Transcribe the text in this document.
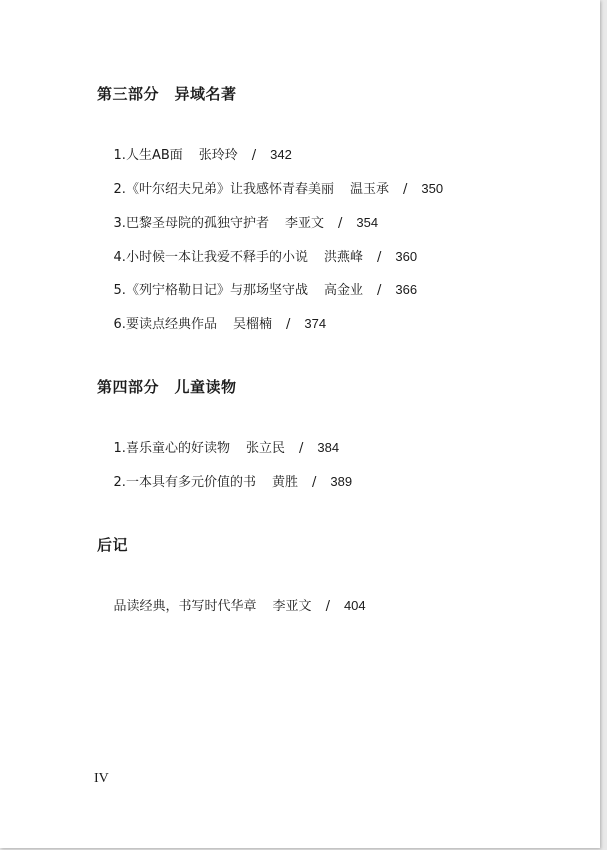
第三部分　异域名著

1.人生AB面 张玲玲 / 342

2.《叶尔绍夫兄弟》让我感怀青春美丽 温玉承 / 350

3.巴黎圣母院的孤独守护者 李亚文 / 354

4.小时候一本让我爱不释手的小说 洪燕峰 / 360

5.《列宁格勒日记》与那场坚守战 高金业 / 366

6.要读点经典作品 吴榴楠 / 374

第四部分　儿童读物

1.喜乐童心的好读物 张立民 / 384

2.一本具有多元价值的书 黄胜 / 389

后记

品读经典，书写时代华章 李亚文 / 404

IV
